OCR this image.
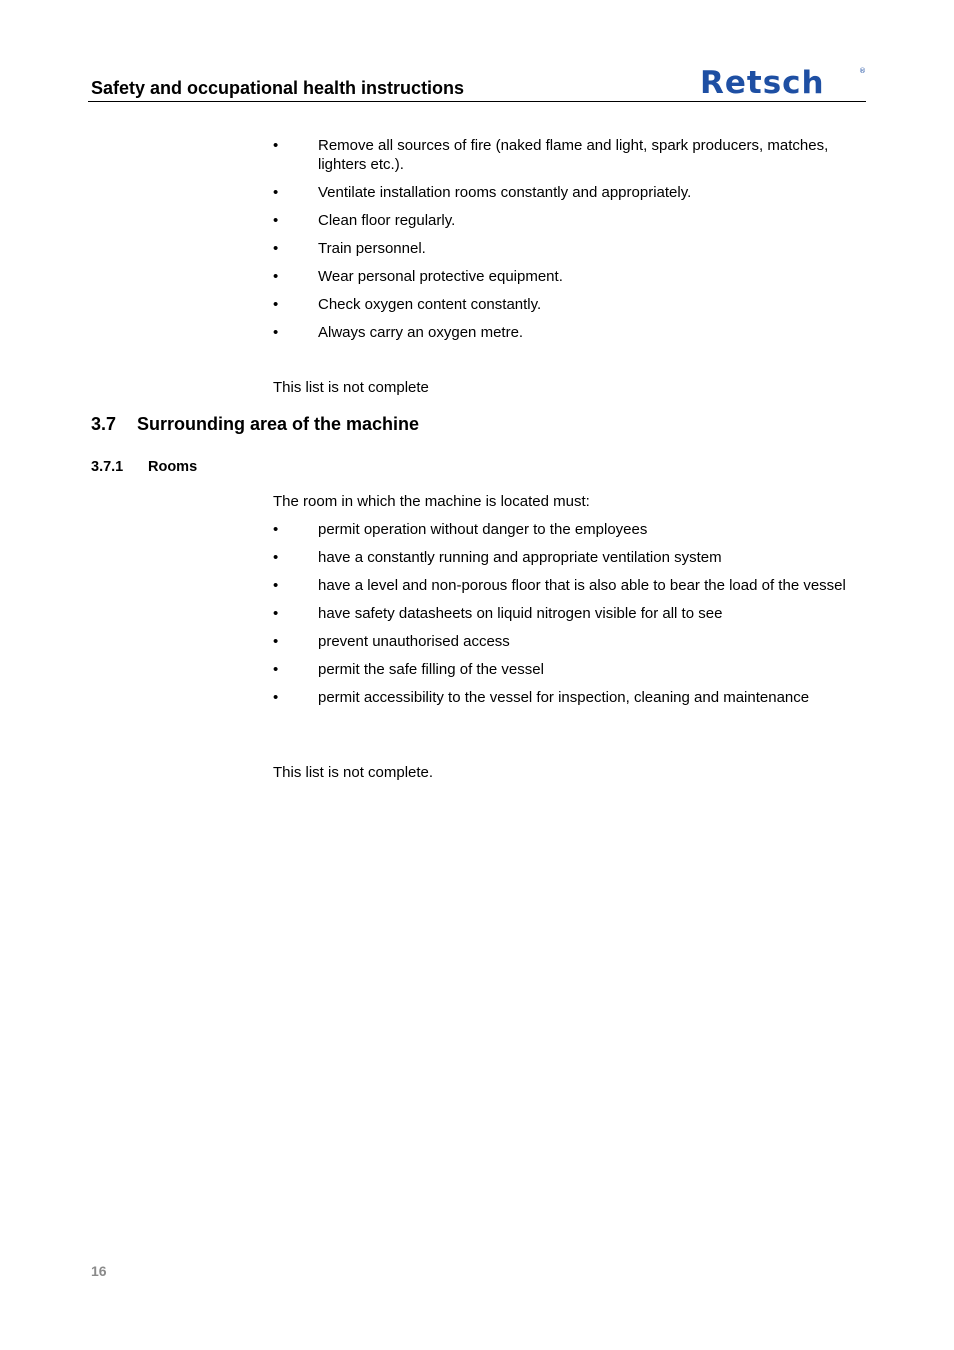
Safety and occupational health instructions	Retsch	®
•	Remove all sources of fire (naked flame and light, spark producers, matches, lighters etc.).
•	Ventilate installation rooms constantly and appropriately.
•	Clean floor regularly.
•	Train personnel.
•	Wear personal protective equipment.
•	Check oxygen content constantly.
•	Always carry an oxygen metre.

This list is not complete

3.7 Surrounding area of the machine
3.7.1 Rooms

The room in which the machine is located must:

•	permit operation without danger to the employees
•	have a constantly running and appropriate ventilation system
•	have a level and non-porous floor that is also able to bear the load of the vessel
•	have safety datasheets on liquid nitrogen visible for all to see
•	prevent unauthorised access
•	permit the safe filling of the vessel
•	permit accessibility to the vessel for inspection, cleaning and maintenance

This list is not complete.

16
